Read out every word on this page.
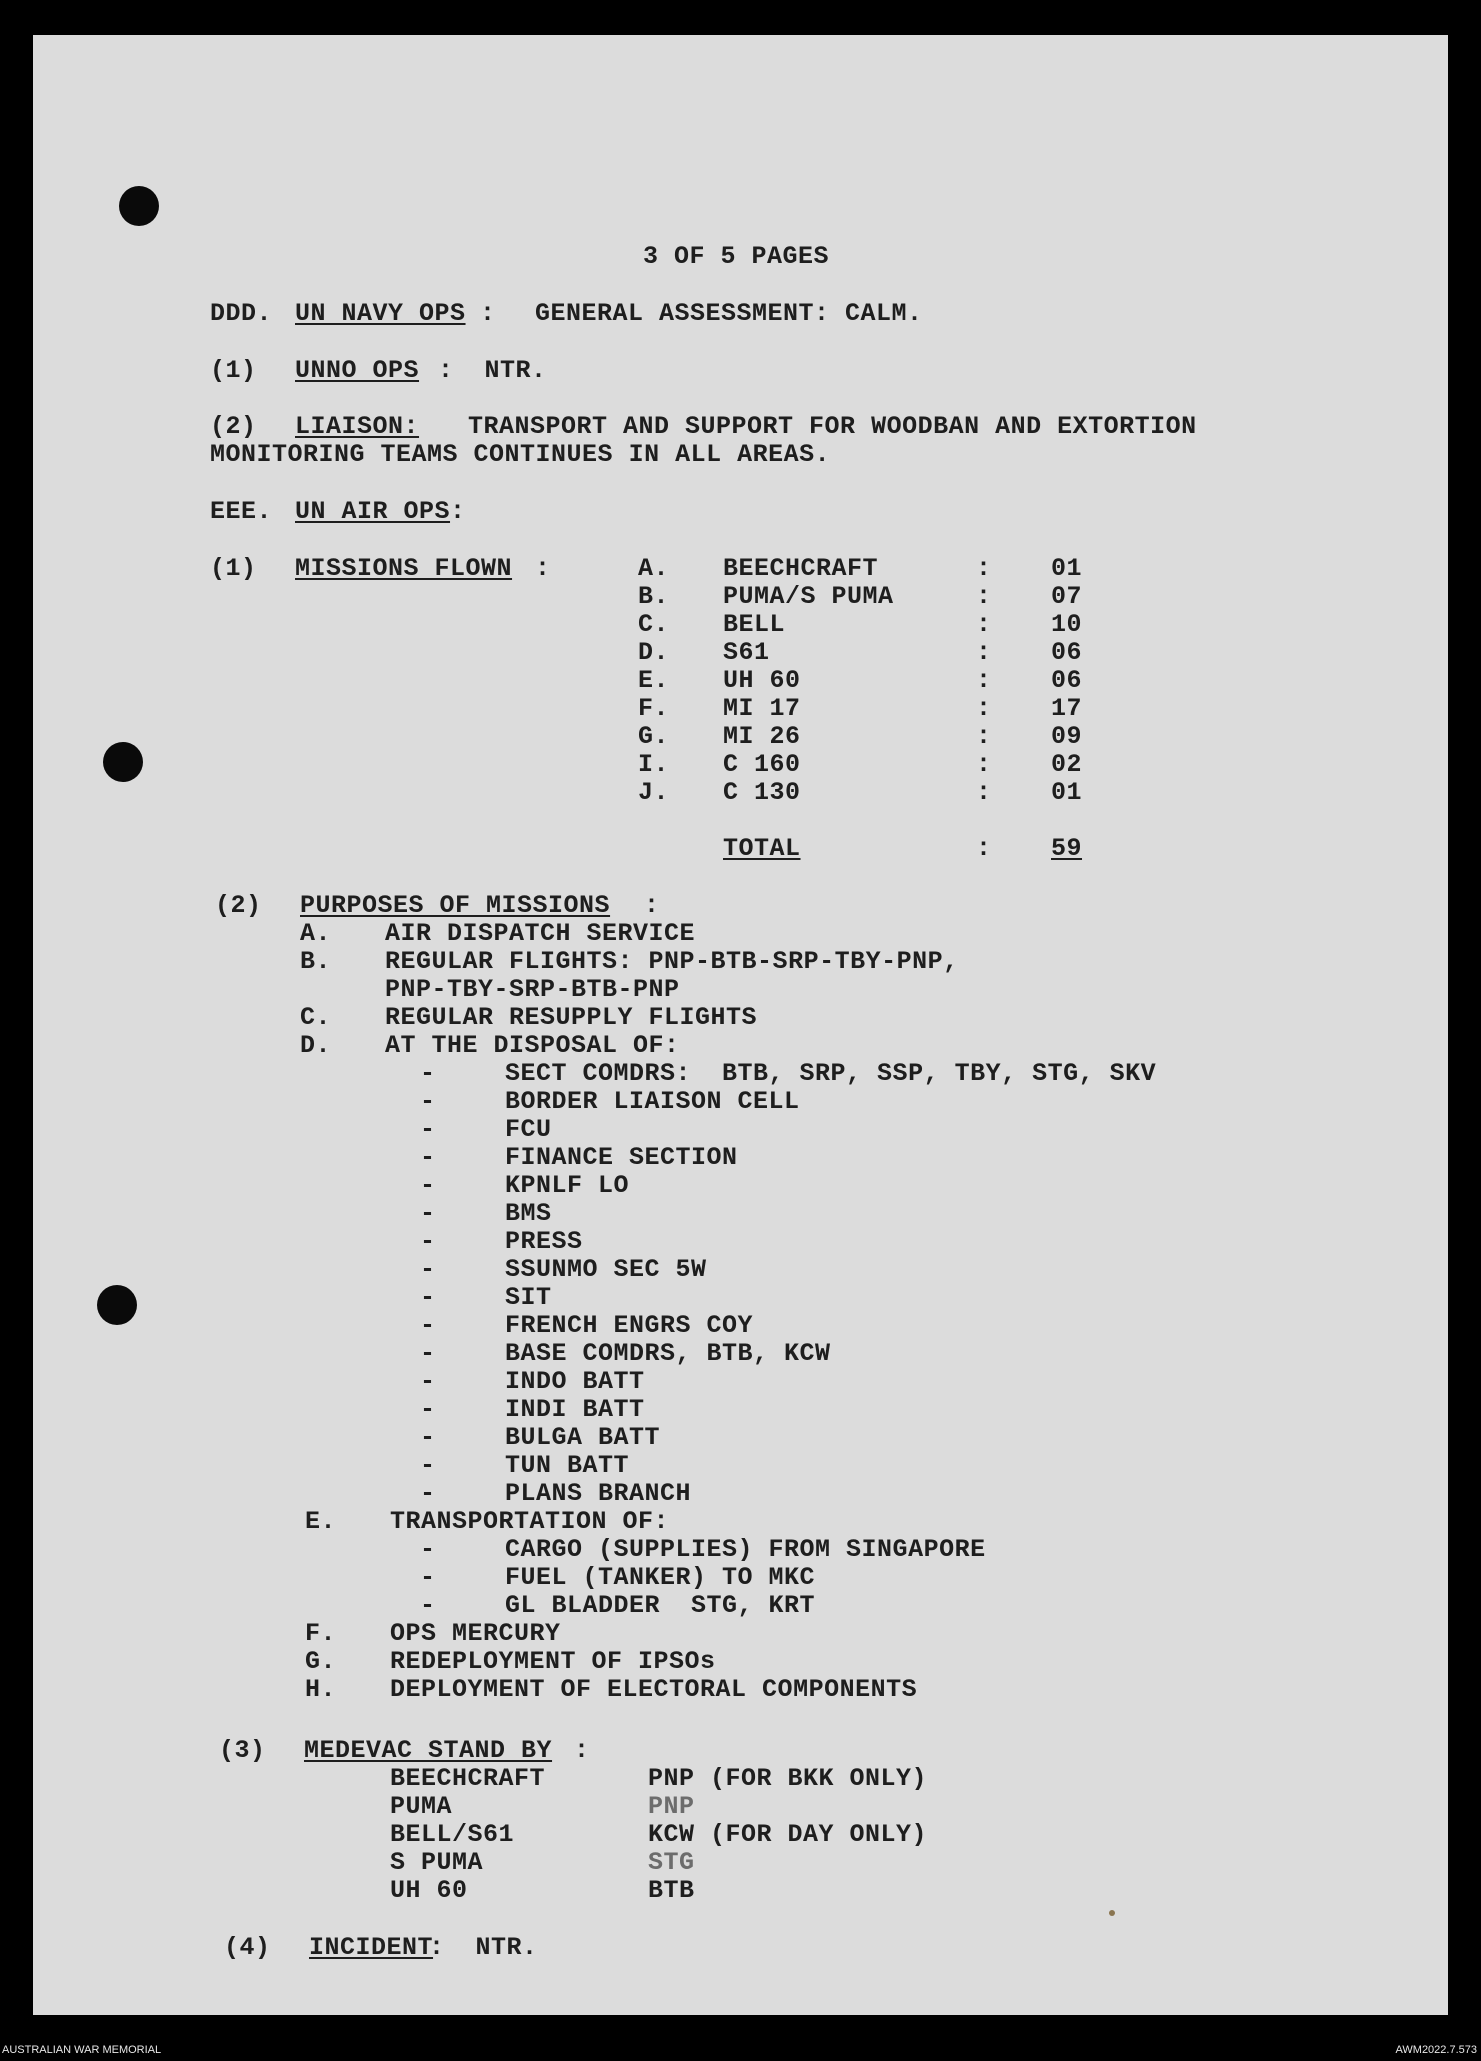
3 OF 5 PAGES
DDD. UN NAVY OPS : GENERAL ASSESSMENT: CALM.
(1) UNNO OPS :  NTR.
(2) LIAISON: TRANSPORT AND SUPPORT FOR WOODBAN AND EXTORTION
MONITORING TEAMS CONTINUES IN ALL AREAS.
EEE. UN AIR OPS :
(1) MISSIONS FLOWN :	A. BEECHCRAFT	: 01
B. PUMA/S PUMA	: 07
C. BELL	: 10
D. S61	: 06
E. UH 60	: 06
F. MI 17	: 17
G. MI 26	: 09
I. C 160	: 02
J. C 130	: 01
TOTAL	: 59
(2) PURPOSES OF MISSIONS :
A. AIR DISPATCH SERVICE
B. REGULAR FLIGHTS: PNP-BTB-SRP-TBY-PNP,
PNP-TBY-SRP-BTB-PNP
C. REGULAR RESUPPLY FLIGHTS
D. AT THE DISPOSAL OF:
-	SECT COMDRS:  BTB, SRP, SSP, TBY, STG, SKV
-	BORDER LIAISON CELL
-	FCU
-	FINANCE SECTION
-	KPNLF LO
-	BMS
-	PRESS
-	SSUNMO SEC 5W
-	SIT
-	FRENCH ENGRS COY
-	BASE COMDRS, BTB, KCW
-	INDO BATT
-	INDI BATT
-	BULGA BATT
-	TUN BATT
-	PLANS BRANCH
E. TRANSPORTATION OF:
-	CARGO (SUPPLIES) FROM SINGAPORE
-	FUEL (TANKER) TO MKC
-	GL BLADDER  STG, KRT
F. OPS MERCURY
G. REDEPLOYMENT OF IPSOs
H. DEPLOYMENT OF ELECTORAL COMPONENTS
(3) MEDEVAC STAND BY :
BEECHCRAFT	PNP (FOR BKK ONLY)
PUMA	PNP
BELL/S61	KCW (FOR DAY ONLY)
S PUMA	STG
UH 60	BTB
(4) INCIDENT
:  NTR.
AUSTRALIAN WAR MEMORIAL	AWM2022.7.573
